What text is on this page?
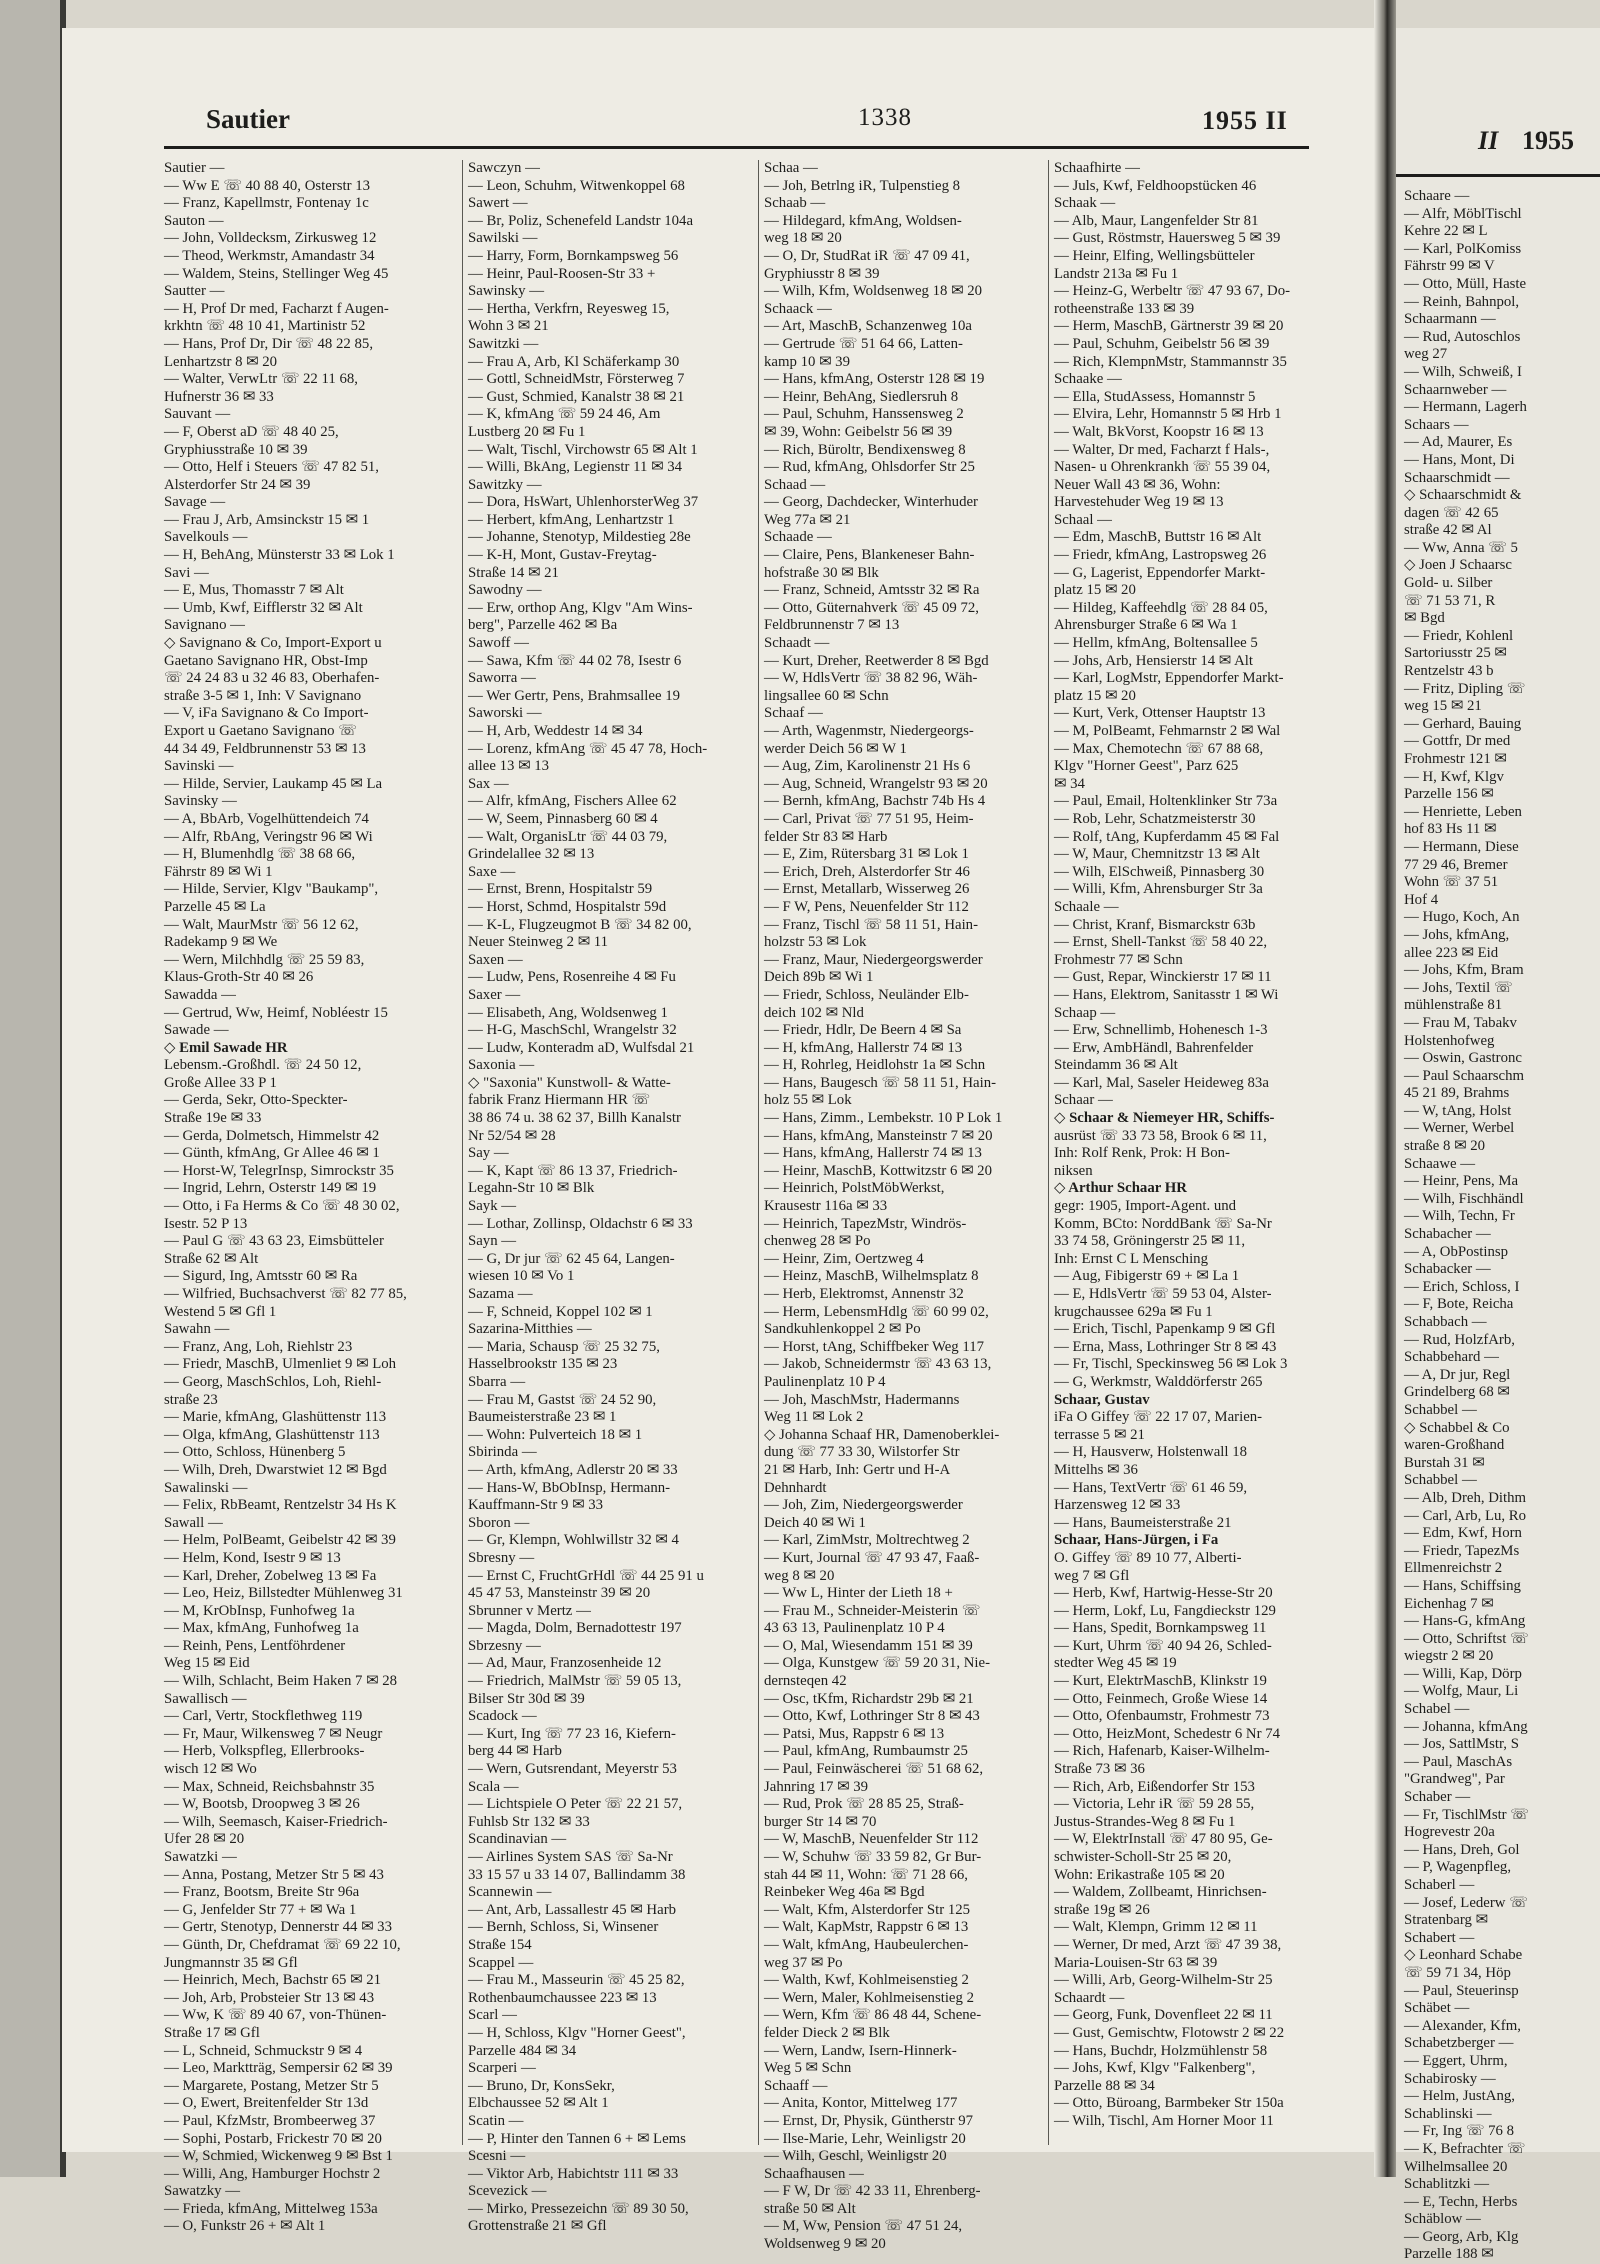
Sautier	1338	1955 II

Sautier —

— Ww E ☏ 40 88 40, Osterstr 13

— Franz, Kapellmstr, Fontenay 1c

Sauton —

— John, Volldecksm, Zirkusweg 12

— Theod, Werkmstr, Amandastr 34

— Waldem, Steins, Stellinger Weg 45

Sautter —

— H, Prof Dr med, Facharzt f Augen-

krkhtn ☏ 48 10 41, Martinistr 52

— Hans, Prof Dr, Dir ☏ 48 22 85,

Lenhartzstr 8 ✉ 20

— Walter, VerwLtr ☏ 22 11 68,

Hufnerstr 36 ✉ 33

Sauvant —

— F, Oberst aD ☏ 48 40 25,

Gryphiusstraße 10 ✉ 39

— Otto, Helf i Steuers ☏ 47 82 51,

Alsterdorfer Str 24 ✉ 39

Savage —

— Frau J, Arb, Amsinckstr 15 ✉ 1

Savelkouls —

— H, BehAng, Münsterstr 33 ✉ Lok 1

Savi —

— E, Mus, Thomasstr 7 ✉ Alt

— Umb, Kwf, Eifflerstr 32 ✉ Alt

Savignano —

◇ Savignano & Co, Import-Export u

Gaetano Savignano HR, Obst-Imp

☏ 24 24 83 u 32 46 83, Oberhafen-

straße 3-5 ✉ 1, Inh: V Savignano

— V, iFa Savignano & Co Import-

Export u Gaetano Savignano ☏

44 34 49, Feldbrunnenstr 53 ✉ 13

Savinski —

— Hilde, Servier, Laukamp 45 ✉ La

Savinsky —

— A, BbArb, Vogelhüttendeich 74

— Alfr, RbAng, Veringstr 96 ✉ Wi

— H, Blumenhdlg ☏ 38 68 66,

Fährstr 89 ✉ Wi 1

— Hilde, Servier, Klgv "Baukamp",

Parzelle 45 ✉ La

— Walt, MaurMstr ☏ 56 12 62,

Radekamp 9 ✉ We

— Wern, Milchhdlg ☏ 25 59 83,

Klaus-Groth-Str 40 ✉ 26

Sawadda —

— Gertrud, Ww, Heimf, Nobléestr 15

Sawade —

◇ Emil Sawade HR

Lebensm.-Großhdl. ☏ 24 50 12,

Große Allee 33 P 1

— Gerda, Sekr, Otto-Speckter-

Straße 19e ✉ 33

— Gerda, Dolmetsch, Himmelstr 42

— Günth, kfmAng, Gr Allee 46 ✉ 1

— Horst-W, TelegrInsp, Simrockstr 35

— Ingrid, Lehrn, Osterstr 149 ✉ 19

— Otto, i Fa Herms & Co ☏ 48 30 02,

Isestr. 52 P 13

— Paul G ☏ 43 63 23, Eimsbütteler

Straße 62 ✉ Alt

— Sigurd, Ing, Amtsstr 60 ✉ Ra

— Wilfried, Buchsachverst ☏ 82 77 85,

Westend 5 ✉ Gfl 1

Sawahn —

— Franz, Ang, Loh, Riehlstr 23

— Friedr, MaschB, Ulmenliet 9 ✉ Loh

— Georg, MaschSchlos, Loh, Riehl-

straße 23

— Marie, kfmAng, Glashüttenstr 113

— Olga, kfmAng, Glashüttenstr 113

— Otto, Schloss, Hünenberg 5

— Wilh, Dreh, Dwarstwiet 12 ✉ Bgd

Sawalinski —

— Felix, RbBeamt, Rentzelstr 34 Hs K

Sawall —

— Helm, PolBeamt, Geibelstr 42 ✉ 39

— Helm, Kond, Isestr 9 ✉ 13

— Karl, Dreher, Zobelweg 13 ✉ Fa

— Leo, Heiz, Billstedter Mühlenweg 31

— M, KrObInsp, Funhofweg 1a

— Max, kfmAng, Funhofweg 1a

— Reinh, Pens, Lentföhrdener

Weg 15 ✉ Eid

— Wilh, Schlacht, Beim Haken 7 ✉ 28

Sawallisch —

— Carl, Vertr, Stockflethweg 119

— Fr, Maur, Wilkensweg 7 ✉ Neugr

— Herb, Volkspfleg, Ellerbrooks-

wisch 12 ✉ Wo

— Max, Schneid, Reichsbahnstr 35

— W, Bootsb, Droopweg 3 ✉ 26

— Wilh, Seemasch, Kaiser-Friedrich-

Ufer 28 ✉ 20

Sawatzki —

— Anna, Postang, Metzer Str 5 ✉ 43

— Franz, Bootsm, Breite Str 96a

— G, Jenfelder Str 77 + ✉ Wa 1

— Gertr, Stenotyp, Dennerstr 44 ✉ 33

— Günth, Dr, Chefdramat ☏ 69 22 10,

Jungmannstr 35 ✉ Gfl

— Heinrich, Mech, Bachstr 65 ✉ 21

— Joh, Arb, Probsteier Str 13 ✉ 43

— Ww, K ☏ 89 40 67, von-Thünen-

Straße 17 ✉ Gfl

— L, Schneid, Schmuckstr 9 ✉ 4

— Leo, Marktträg, Sempersir 62 ✉ 39

— Margarete, Postang, Metzer Str 5

— O, Ewert, Breitenfelder Str 13d

— Paul, KfzMstr, Brombeerweg 37

— Sophi, Postarb, Frickestr 70 ✉ 20

— W, Schmied, Wickenweg 9 ✉ Bst 1

— Willi, Ang, Hamburger Hochstr 2

Sawatzky —

— Frieda, kfmAng, Mittelweg 153a

— O, Funkstr 26 + ✉ Alt 1

Sawczyn —

— Leon, Schuhm, Witwenkoppel 68

Sawert —

— Br, Poliz, Schenefeld Landstr 104a

Sawilski —

— Harry, Form, Bornkampsweg 56

— Heinr, Paul-Roosen-Str 33 +

Sawinsky —

— Hertha, Verkfrn, Reyesweg 15,

Wohn 3 ✉ 21

Sawitzki —

— Frau A, Arb, Kl Schäferkamp 30

— Gottl, SchneidMstr, Försterweg 7

— Gust, Schmied, Kanalstr 38 ✉ 21

— K, kfmAng ☏ 59 24 46, Am

Lustberg 20 ✉ Fu 1

— Walt, Tischl, Virchowstr 65 ✉ Alt 1

— Willi, BkAng, Legienstr 11 ✉ 34

Sawitzky —

— Dora, HsWart, UhlenhorsterWeg 37

— Herbert, kfmAng, Lenhartzstr 1

— Johanne, Stenotyp, Mildestieg 28e

— K-H, Mont, Gustav-Freytag-

Straße 14 ✉ 21

Sawodny —

— Erw, orthop Ang, Klgv "Am Wins-

berg", Parzelle 462 ✉ Ba

Sawoff —

— Sawa, Kfm ☏ 44 02 78, Isestr 6

Saworra —

— Wer Gertr, Pens, Brahmsallee 19

Saworski —

— H, Arb, Weddestr 14 ✉ 34

— Lorenz, kfmAng ☏ 45 47 78, Hoch-

allee 13 ✉ 13

Sax —

— Alfr, kfmAng, Fischers Allee 62

— W, Seem, Pinnasberg 60 ✉ 4

— Walt, OrganisLtr ☏ 44 03 79,

Grindelallee 32 ✉ 13

Saxe —

— Ernst, Brenn, Hospitalstr 59

— Horst, Schmd, Hospitalstr 59d

— K-L, Flugzeugmot B ☏ 34 82 00,

Neuer Steinweg 2 ✉ 11

Saxen —

— Ludw, Pens, Rosenreihe 4 ✉ Fu

Saxer —

— Elisabeth, Ang, Woldsenweg 1

— H-G, MaschSchl, Wrangelstr 32

— Ludw, Konteradm aD, Wulfsdal 21

Saxonia —

◇ "Saxonia" Kunstwoll- & Watte-

fabrik Franz Hiermann HR ☏

38 86 74 u. 38 62 37, Billh Kanalstr

Nr 52/54 ✉ 28

Say —

— K, Kapt ☏ 86 13 37, Friedrich-

Legahn-Str 10 ✉ Blk

Sayk —

— Lothar, Zollinsp, Oldachstr 6 ✉ 33

Sayn —

— G, Dr jur ☏ 62 45 64, Langen-

wiesen 10 ✉ Vo 1

Sazama —

— F, Schneid, Koppel 102 ✉ 1

Sazarina-Mitthies —

— Maria, Schausp ☏ 25 32 75,

Hasselbrookstr 135 ✉ 23

Sbarra —

— Frau M, Gastst ☏ 24 52 90,

Baumeisterstraße 23 ✉ 1

— Wohn: Pulverteich 18 ✉ 1

Sbirinda —

— Arth, kfmAng, Adlerstr 20 ✉ 33

— Hans-W, BbObInsp, Hermann-

Kauffmann-Str 9 ✉ 33

Sboron —

— Gr, Klempn, Wohlwillstr 32 ✉ 4

Sbresny —

— Ernst C, FruchtGrHdl ☏ 44 25 91 u

45 47 53, Mansteinstr 39 ✉ 20

Sbrunner v Mertz —

— Magda, Dolm, Bernadottestr 197

Sbrzesny —

— Ad, Maur, Franzosenheide 12

— Friedrich, MalMstr ☏ 59 05 13,

Bilser Str 30d ✉ 39

Scadock —

— Kurt, Ing ☏ 77 23 16, Kiefern-

berg 44 ✉ Harb

— Wern, Gutsrendant, Meyerstr 53

Scala —

— Lichtspiele O Peter ☏ 22 21 57,

Fuhlsb Str 132 ✉ 33

Scandinavian —

— Airlines System SAS ☏ Sa-Nr

33 15 57 u 33 14 07, Ballindamm 38

Scannewin —

— Ant, Arb, Lassallestr 45 ✉ Harb

— Bernh, Schloss, Si, Winsener

Straße 154

Scappel —

— Frau M., Masseurin ☏ 45 25 82,

Rothenbaumchaussee 223 ✉ 13

Scarl —

— H, Schloss, Klgv "Horner Geest",

Parzelle 484 ✉ 34

Scarperi —

— Bruno, Dr, KonsSekr,

Elbchaussee 52 ✉ Alt 1

Scatin —

— P, Hinter den Tannen 6 + ✉ Lems

Scesni —

— Viktor Arb, Habichtstr 111 ✉ 33

Scevezick —

— Mirko, Pressezeichn ☏ 89 30 50,

Grottenstraße 21 ✉ Gfl

Schaa —

— Joh, Betrlng iR, Tulpenstieg 8

Schaab —

— Hildegard, kfmAng, Woldsen-

weg 18 ✉ 20

— O, Dr, StudRat iR ☏ 47 09 41,

Gryphiusstr 8 ✉ 39

— Wilh, Kfm, Woldsenweg 18 ✉ 20

Schaack —

— Art, MaschB, Schanzenweg 10a

— Gertrude ☏ 51 64 66, Latten-

kamp 10 ✉ 39

— Hans, kfmAng, Osterstr 128 ✉ 19

— Heinr, BehAng, Siedlersruh 8

— Paul, Schuhm, Hanssensweg 2

✉ 39, Wohn: Geibelstr 56 ✉ 39

— Rich, Büroltr, Bendixensweg 8

— Rud, kfmAng, Ohlsdorfer Str 25

Schaad —

— Georg, Dachdecker, Winterhuder

Weg 77a ✉ 21

Schaade —

— Claire, Pens, Blankeneser Bahn-

hofstraße 30 ✉ Blk

— Franz, Schneid, Amtsstr 32 ✉ Ra

— Otto, Güternahverk ☏ 45 09 72,

Feldbrunnenstr 7 ✉ 13

Schaadt —

— Kurt, Dreher, Reetwerder 8 ✉ Bgd

— W, HdlsVertr ☏ 38 82 96, Wäh-

lingsallee 60 ✉ Schn

Schaaf —

— Arth, Wagenmstr, Niedergeorgs-

werder Deich 56 ✉ W 1

— Aug, Zim, Karolinenstr 21 Hs 6

— Aug, Schneid, Wrangelstr 93 ✉ 20

— Bernh, kfmAng, Bachstr 74b Hs 4

— Carl, Privat ☏ 77 51 95, Heim-

felder Str 83 ✉ Harb

— E, Zim, Rütersbarg 31 ✉ Lok 1

— Erich, Dreh, Alsterdorfer Str 46

— Ernst, Metallarb, Wisserweg 26

— F W, Pens, Neuenfelder Str 112

— Franz, Tischl ☏ 58 11 51, Hain-

holzstr 53 ✉ Lok

— Franz, Maur, Niedergeorgswerder

Deich 89b ✉ Wi 1

— Friedr, Schloss, Neuländer Elb-

deich 102 ✉ Nld

— Friedr, Hdlr, De Beern 4 ✉ Sa

— H, kfmAng, Hallerstr 74 ✉ 13

— H, Rohrleg, Heidlohstr 1a ✉ Schn

— Hans, Baugesch ☏ 58 11 51, Hain-

holz 55 ✉ Lok

— Hans, Zimm., Lembekstr. 10 P Lok 1

— Hans, kfmAng, Mansteinstr 7 ✉ 20

— Hans, kfmAng, Hallerstr 74 ✉ 13

— Heinr, MaschB, Kottwitzstr 6 ✉ 20

— Heinrich, PolstMöbWerkst,

Krausestr 116a ✉ 33

— Heinrich, TapezMstr, Windrös-

chenweg 28 ✉ Po

— Heinr, Zim, Oertzweg 4

— Heinz, MaschB, Wilhelmsplatz 8

— Herb, Elektromst, Annenstr 32

— Herm, LebensmHdlg ☏ 60 99 02,

Sandkuhlenkoppel 2 ✉ Po

— Horst, tAng, Schiffbeker Weg 117

— Jakob, Schneidermstr ☏ 43 63 13,

Paulinenplatz 10 P 4

— Joh, MaschMstr, Hadermanns

Weg 11 ✉ Lok 2

◇ Johanna Schaaf HR, Damenoberklei-

dung ☏ 77 33 30, Wilstorfer Str

21 ✉ Harb, Inh: Gertr und H-A

Dehnhardt

— Joh, Zim, Niedergeorgswerder

Deich 40 ✉ Wi 1

— Karl, ZimMstr, Moltrechtweg 2

— Kurt, Journal ☏ 47 93 47, Faaß-

weg 8 ✉ 20

— Ww L, Hinter der Lieth 18 +

— Frau M., Schneider-Meisterin ☏

43 63 13, Paulinenplatz 10 P 4

— O, Mal, Wiesendamm 151 ✉ 39

— Olga, Kunstgew ☏ 59 20 31, Nie-

dernsteqen 42

— Osc, tKfm, Richardstr 29b ✉ 21

— Otto, Kwf, Lothringer Str 8 ✉ 43

— Patsi, Mus, Rappstr 6 ✉ 13

— Paul, kfmAng, Rumbaumstr 25

— Paul, Feinwäscherei ☏ 51 68 62,

Jahnring 17 ✉ 39

— Rud, Prok ☏ 28 85 25, Straß-

burger Str 14 ✉ 70

— W, MaschB, Neuenfelder Str 112

— W, Schuhw ☏ 33 59 82, Gr Bur-

stah 44 ✉ 11, Wohn: ☏ 71 28 66,

Reinbeker Weg 46a ✉ Bgd

— Walt, Kfm, Alsterdorfer Str 125

— Walt, KapMstr, Rappstr 6 ✉ 13

— Walt, kfmAng, Haubeulerchen-

weg 37 ✉ Po

— Walth, Kwf, Kohlmeisenstieg 2

— Wern, Maler, Kohlmeisenstieg 2

— Wern, Kfm ☏ 86 48 44, Schene-

felder Dieck 2 ✉ Blk

— Wern, Landw, Isern-Hinnerk-

Weg 5 ✉ Schn

Schaaff —

— Anita, Kontor, Mittelweg 177

— Ernst, Dr, Physik, Güntherstr 97

— Ilse-Marie, Lehr, Weinligstr 20

— Wilh, Geschl, Weinligstr 20

Schaafhausen —

— F W, Dr ☏ 42 33 11, Ehrenberg-

straße 50 ✉ Alt

— M, Ww, Pension ☏ 47 51 24,

Woldsenweg 9 ✉ 20

Schaafhirte —

— Juls, Kwf, Feldhoopstücken 46

Schaak —

— Alb, Maur, Langenfelder Str 81

— Gust, Röstmstr, Hauersweg 5 ✉ 39

— Heinr, Elfing, Wellingsbütteler

Landstr 213a ✉ Fu 1

— Heinz-G, Werbeltr ☏ 47 93 67, Do-

rotheenstraße 133 ✉ 39

— Herm, MaschB, Gärtnerstr 39 ✉ 20

— Paul, Schuhm, Geibelstr 56 ✉ 39

— Rich, KlempnMstr, Stammannstr 35

Schaake —

— Ella, StudAssess, Homannstr 5

— Elvira, Lehr, Homannstr 5 ✉ Hrb 1

— Walt, BkVorst, Koopstr 16 ✉ 13

— Walter, Dr med, Facharzt f Hals-,

Nasen- u Ohrenkrankh ☏ 55 39 04,

Neuer Wall 43 ✉ 36, Wohn:

Harvestehuder Weg 19 ✉ 13

Schaal —

— Edm, MaschB, Buttstr 16 ✉ Alt

— Friedr, kfmAng, Lastropsweg 26

— G, Lagerist, Eppendorfer Markt-

platz 15 ✉ 20

— Hildeg, Kaffeehdlg ☏ 28 84 05,

Ahrensburger Straße 6 ✉ Wa 1

— Hellm, kfmAng, Boltensallee 5

— Johs, Arb, Hensierstr 14 ✉ Alt

— Karl, LogMstr, Eppendorfer Markt-

platz 15 ✉ 20

— Kurt, Verk, Ottenser Hauptstr 13

— M, PolBeamt, Fehmarnstr 2 ✉ Wal

— Max, Chemotechn ☏ 67 88 68,

Klgv "Horner Geest", Parz 625

✉ 34

— Paul, Email, Holtenklinker Str 73a

— Rob, Lehr, Schatzmeisterstr 30

— Rolf, tAng, Kupferdamm 45 ✉ Fal

— W, Maur, Chemnitzstr 13 ✉ Alt

— Wilh, ElSchweiß, Pinnasberg 30

— Willi, Kfm, Ahrensburger Str 3a

Schaale —

— Christ, Kranf, Bismarckstr 63b

— Ernst, Shell-Tankst ☏ 58 40 22,

Frohmestr 77 ✉ Schn

— Gust, Repar, Winckierstr 17 ✉ 11

— Hans, Elektrom, Sanitasstr 1 ✉ Wi

Schaap —

— Erw, Schnellimb, Hohenesch 1-3

— Erw, AmbHändl, Bahrenfelder

Steindamm 36 ✉ Alt

— Karl, Mal, Saseler Heideweg 83a

Schaar —

◇ Schaar & Niemeyer HR, Schiffs-

ausrüst ☏ 33 73 58, Brook 6 ✉ 11,

Inh: Rolf Renk, Prok: H Bon-

niksen

◇ Arthur Schaar HR

gegr: 1905, Import-Agent. und

Komm, BCto: NorddBank ☏ Sa-Nr

33 74 58, Gröningerstr 25 ✉ 11,

Inh: Ernst C L Mensching

— Aug, Fibigerstr 69 + ✉ La 1

— E, HdlsVertr ☏ 59 53 04, Alster-

krugchaussee 629a ✉ Fu 1

— Erich, Tischl, Papenkamp 9 ✉ Gfl

— Erna, Mass, Lothringer Str 8 ✉ 43

— Fr, Tischl, Speckinsweg 56 ✉ Lok 3

— G, Werkmstr, Walddörferstr 265

Schaar, Gustav

iFa O Giffey ☏ 22 17 07, Marien-

terrasse 5 ✉ 21

— H, Hausverw, Holstenwall 18

Mittelhs ✉ 36

— Hans, TextVertr ☏ 61 46 59,

Harzensweg 12 ✉ 33

— Hans, Baumeisterstraße 21

Schaar, Hans-Jürgen, i Fa

O. Giffey ☏ 89 10 77, Alberti-

weg 7 ✉ Gfl

— Herb, Kwf, Hartwig-Hesse-Str 20

— Herm, Lokf, Lu, Fangdieckstr 129

— Hans, Spedit, Bornkampsweg 11

— Kurt, Uhrm ☏ 40 94 26, Schled-

stedter Weg 45 ✉ 19

— Kurt, ElektrMaschB, Klinkstr 19

— Otto, Feinmech, Große Wiese 14

— Otto, Ofenbaumstr, Frohmestr 73

— Otto, HeizMont, Schedestr 6 Nr 74

— Rich, Hafenarb, Kaiser-Wilhelm-

Straße 73 ✉ 36

— Rich, Arb, Eißendorfer Str 153

— Victoria, Lehr iR ☏ 59 28 55,

Justus-Strandes-Weg 8 ✉ Fu 1

— W, ElektrInstall ☏ 47 80 95, Ge-

schwister-Scholl-Str 25 ✉ 20,

Wohn: Erikastraße 105 ✉ 20

— Waldem, Zollbeamt, Hinrichsen-

straße 19g ✉ 26

— Walt, Klempn, Grimm 12 ✉ 11

— Werner, Dr med, Arzt ☏ 47 39 38,

Maria-Louisen-Str 63 ✉ 39

— Willi, Arb, Georg-Wilhelm-Str 25

Schaardt —

— Georg, Funk, Dovenfleet 22 ✉ 11

— Gust, Gemischtw, Flotowstr 2 ✉ 22

— Hans, Buchdr, Holzmühlenstr 58

— Johs, Kwf, Klgv "Falkenberg",

Parzelle 88 ✉ 34

— Otto, Büroang, Barmbeker Str 150a

— Wilh, Tischl, Am Horner Moor 11

II 1955

Schaare —

— Alfr, MöblTischl

Kehre 22 ✉ L

— Karl, PolKomiss

Fährstr 99 ✉ V

— Otto, Müll, Haste

— Reinh, Bahnpol,

Schaarmann —

— Rud, Autoschlos

weg 27

— Wilh, Schweiß, I

Schaarnweber —

— Hermann, Lagerh

Schaars —

— Ad, Maurer, Es

— Hans, Mont, Di

Schaarschmidt —

◇ Schaarschmidt &

dagen ☏ 42 65

straße 42 ✉ Al

— Ww, Anna ☏ 5

◇ Joen J Schaarsc

Gold- u. Silber

☏ 71 53 71, R

✉ Bgd

— Friedr, Kohlenl

Sartoriusstr 25 ✉

Rentzelstr 43 b

— Fritz, Dipling ☏

weg 15 ✉ 21

— Gerhard, Bauing

— Gottfr, Dr med

Frohmestr 121 ✉

— H, Kwf, Klgv

Parzelle 156 ✉

— Henriette, Leben

hof 83 Hs 11 ✉

— Hermann, Diese

77 29 46, Bremer

Wohn ☏ 37 51

Hof 4

— Hugo, Koch, An

— Johs, kfmAng,

allee 223 ✉ Eid

— Johs, Kfm, Bram

— Johs, Textil ☏

mühlenstraße 81

— Frau M, Tabakv

Holstenhofweg

— Oswin, Gastronc

— Paul Schaarschm

45 21 89, Brahms

— W, tAng, Holst

— Werner, Werbel

straße 8 ✉ 20

Schaawe —

— Heinr, Pens, Ma

— Wilh, Fischhändl

— Wilh, Techn, Fr

Schabacher —

— A, ObPostinsp

Schabacker —

— Erich, Schloss, I

— F, Bote, Reicha

Schabbach —

— Rud, HolzfArb,

Schabbehard —

— A, Dr jur, Regl

Grindelberg 68 ✉

Schabbel —

◇ Schabbel & Co

waren-Großhand

Burstah 31 ✉

Schabbel —

— Alb, Dreh, Dithm

— Carl, Arb, Lu, Ro

— Edm, Kwf, Horn

— Friedr, TapezMs

Ellmenreichstr 2

— Hans, Schiffsing

Eichenhag 7 ✉

— Hans-G, kfmAng

— Otto, Schriftst ☏

wiegstr 2 ✉ 20

— Willi, Kap, Dörp

— Wolfg, Maur, Li

Schabel —

— Johanna, kfmAng

— Jos, SattlMstr, S

— Paul, MaschAs

"Grandweg", Par

Schaber —

— Fr, TischlMstr ☏

Hogrevestr 20a

— Hans, Dreh, Gol

— P, Wagenpfleg,

Schaberl —

— Josef, Lederw ☏

Stratenbarg ✉

Schabert —

◇ Leonhard Schabe

☏ 59 71 34, Höp

— Paul, Steuerinsp

Schäbet —

— Alexander, Kfm,

Schabetzberger —

— Eggert, Uhrm,

Schabirosky —

— Helm, JustAng,

Schablinski —

— Fr, Ing ☏ 76 8

— K, Befrachter ☏

Wilhelmsallee 20

Schablitzki —

— E, Techn, Herbs

Schäblow —

— Georg, Arb, Klg

Parzelle 188 ✉
